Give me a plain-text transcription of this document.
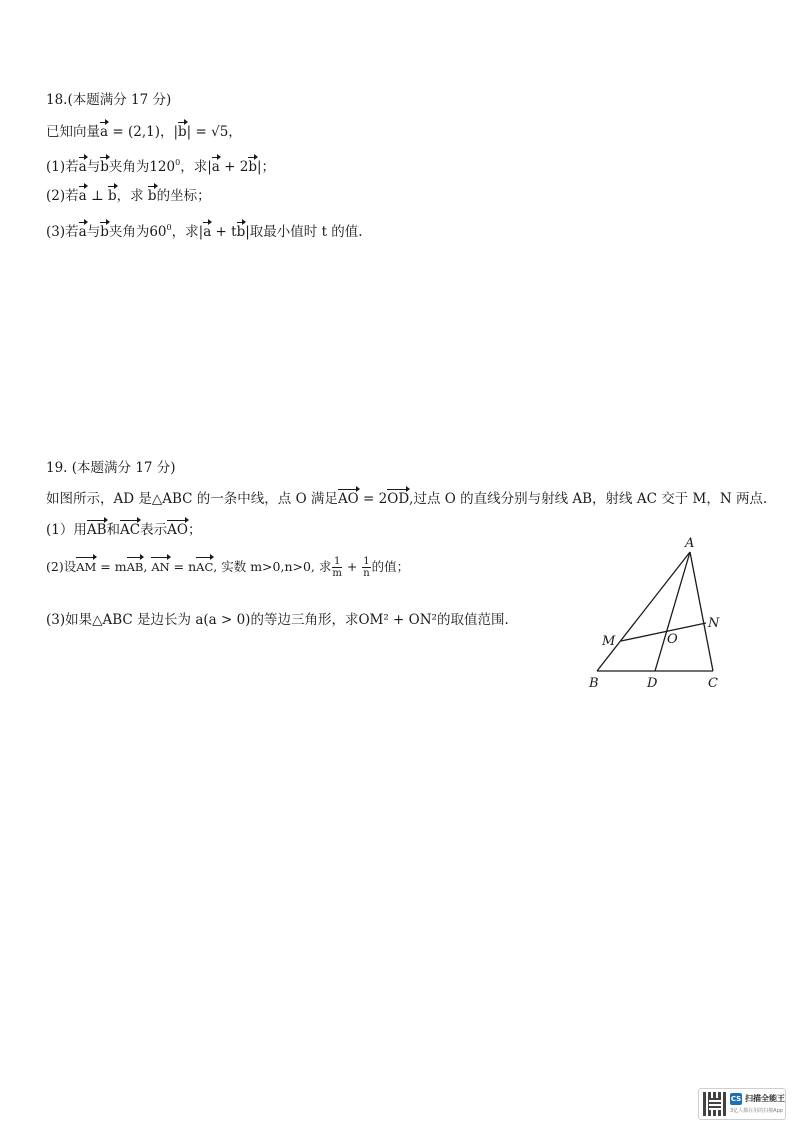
18.(本题满分 17 分)
已知向量a = (2,1)，|b| = √5，
(1)若a与b夹角为$120^0$，求|a + 2b|；
(2)若a ⊥ b，求 b的坐标；
(3)若a与b夹角为$60^0$，求|a + tb|取最小值时 t 的值.
19. (本题满分 17 分)
如图所示，AD 是△ABC 的一条中线，点 O 满足AO = 2OD,过点 O 的直线分别与射线 AB，射线 AC 交于 M，N 两点.
(1）用AB和AC表示AO；
(2)设AM = mAB, AN = nAC, 实数 m>0,n>0, 求 $\frac{1}{m} + \frac{1}{n}$ 的值；
(3)如果△ABC 是边长为 a(a > 0)的等边三角形，求OM² + ON²的取值范围.
A
B	C
D
M
N
O
CS 扫描全能王
3亿人都在用的扫描App
